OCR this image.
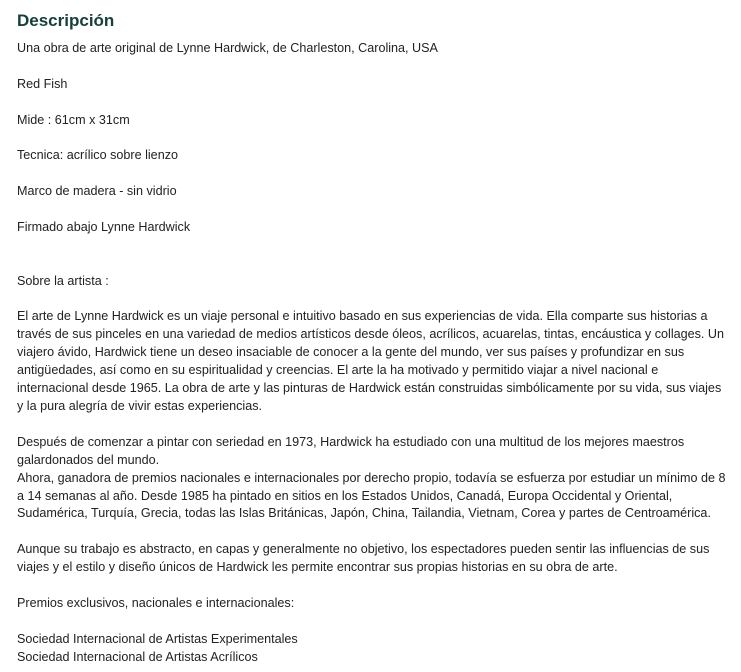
Descripción

Una obra de arte original de Lynne Hardwick, de Charleston, Carolina, USA

Red Fish

Mide : 61cm x 31cm

Tecnica: acrílico sobre lienzo

Marco de madera - sin vidrio

Firmado abajo Lynne Hardwick

Sobre la artista :

El arte de Lynne Hardwick es un viaje personal e intuitivo basado en sus experiencias de vida. Ella comparte sus historias a través de sus pinceles en una variedad de medios artísticos desde óleos, acrílicos, acuarelas, tintas, encáustica y collages. Un viajero ávido, Hardwick tiene un deseo insaciable de conocer a la gente del mundo, ver sus países y profundizar en sus antigüedades, así como en su espiritualidad y creencias. El arte la ha motivado y permitido viajar a nivel nacional e internacional desde 1965. La obra de arte y las pinturas de Hardwick están construidas simbólicamente por su vida, sus viajes y la pura alegría de vivir estas experiencias.

Después de comenzar a pintar con seriedad en 1973, Hardwick ha estudiado con una multitud de los mejores maestros galardonados del mundo.

Ahora, ganadora de premios nacionales e internacionales por derecho propio, todavía se esfuerza por estudiar un mínimo de 8 a 14 semanas al año. Desde 1985 ha pintado en sitios en los Estados Unidos, Canadá, Europa Occidental y Oriental, Sudamérica, Turquía, Grecia, todas las Islas Británicas, Japón, China, Tailandia, Vietnam, Corea y partes de Centroamérica.

Aunque su trabajo es abstracto, en capas y generalmente no objetivo, los espectadores pueden sentir las influencias de sus viajes y el estilo y diseño únicos de Hardwick les permite encontrar sus propias historias en su obra de arte.

Premios exclusivos, nacionales e internacionales:

Sociedad Internacional de Artistas Experimentales

Sociedad Internacional de Artistas Acrílicos
